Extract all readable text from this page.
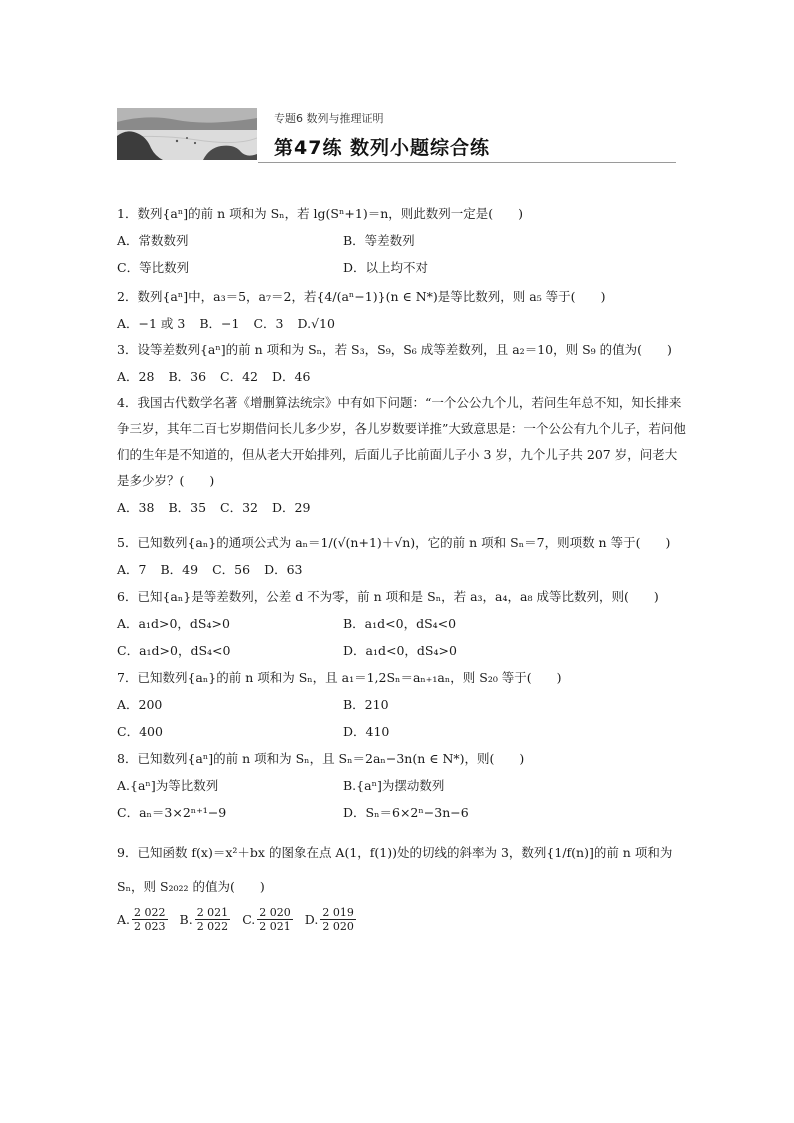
专题6 数列与推理证明
第47练 数列小题综合练
1．数列{aⁿ]的前 n 项和为 Sₙ，若 lg(Sⁿ+1)＝n，则此数列一定是(　　)
A．常数数列	B．等差数列
C．等比数列	D．以上均不对
2．数列{aⁿ]中，a₃＝5，a₇＝2，若{4/(aⁿ−1)}(n ∈ N*)是等比数列，则 a₅ 等于(　　)
A．−1 或 3 B．−1 C．3 D.√10
3．设等差数列{aⁿ]的前 n 项和为 Sₙ，若 S₃，S₉，S₆ 成等差数列，且 a₂＝10，则 S₉ 的值为(　　)
A．28 B．36 C．42 D．46
4．我国古代数学名著《增删算法统宗》中有如下问题：“一个公公九个儿，若问生年总不知，知长排来争三岁，其年二百七岁期借问长儿多少岁，各儿岁数要详推”大致意思是：一个公公有九个儿子，若问他们的生年是不知道的，但从老大开始排列，后面儿子比前面儿子小 3 岁，九个儿子共 207 岁，问老大是多少岁？(　　)
A．38 B．35 C．32 D．29
5．已知数列{aₙ}的通项公式为 aₙ＝1/(√(n+1)＋√n)，它的前 n 项和 Sₙ＝7，则项数 n 等于(　　)
A．7 B．49 C．56 D．63
6．已知{aₙ}是等差数列，公差 d 不为零，前 n 项和是 Sₙ，若 a₃，a₄，a₈ 成等比数列，则(　　)
A．a₁d>0，dS₄>0	B．a₁d<0，dS₄<0
C．a₁d>0，dS₄<0	D．a₁d<0，dS₄>0
7．已知数列{aₙ}的前 n 项和为 Sₙ，且 a₁＝1,2Sₙ＝aₙ₊₁aₙ，则 S₂₀ 等于(　　)
A．200	B．210
C．400	D．410
8．已知数列{aⁿ]的前 n 项和为 Sₙ，且 Sₙ＝2aₙ−3n(n ∈ N*)，则(　　)
A.{aⁿ]为等比数列	B.{aⁿ]为摆动数列
C．aₙ＝3×2ⁿ⁺¹−9	D．Sₙ＝6×2ⁿ−3n−6
9．已知函数 f(x)＝x²＋bx 的图象在点 A(1，f(1))处的切线的斜率为 3，数列{1/f(n)]的前 n 项和为 Sₙ，则 S₂₀₂₂ 的值为(　　)
A. $\frac{2 022}{2 023} B$. $\frac{2 021}{2 022} C$. $\frac{2 020}{2 021} D$. $\frac{2 019}{2 020}$
